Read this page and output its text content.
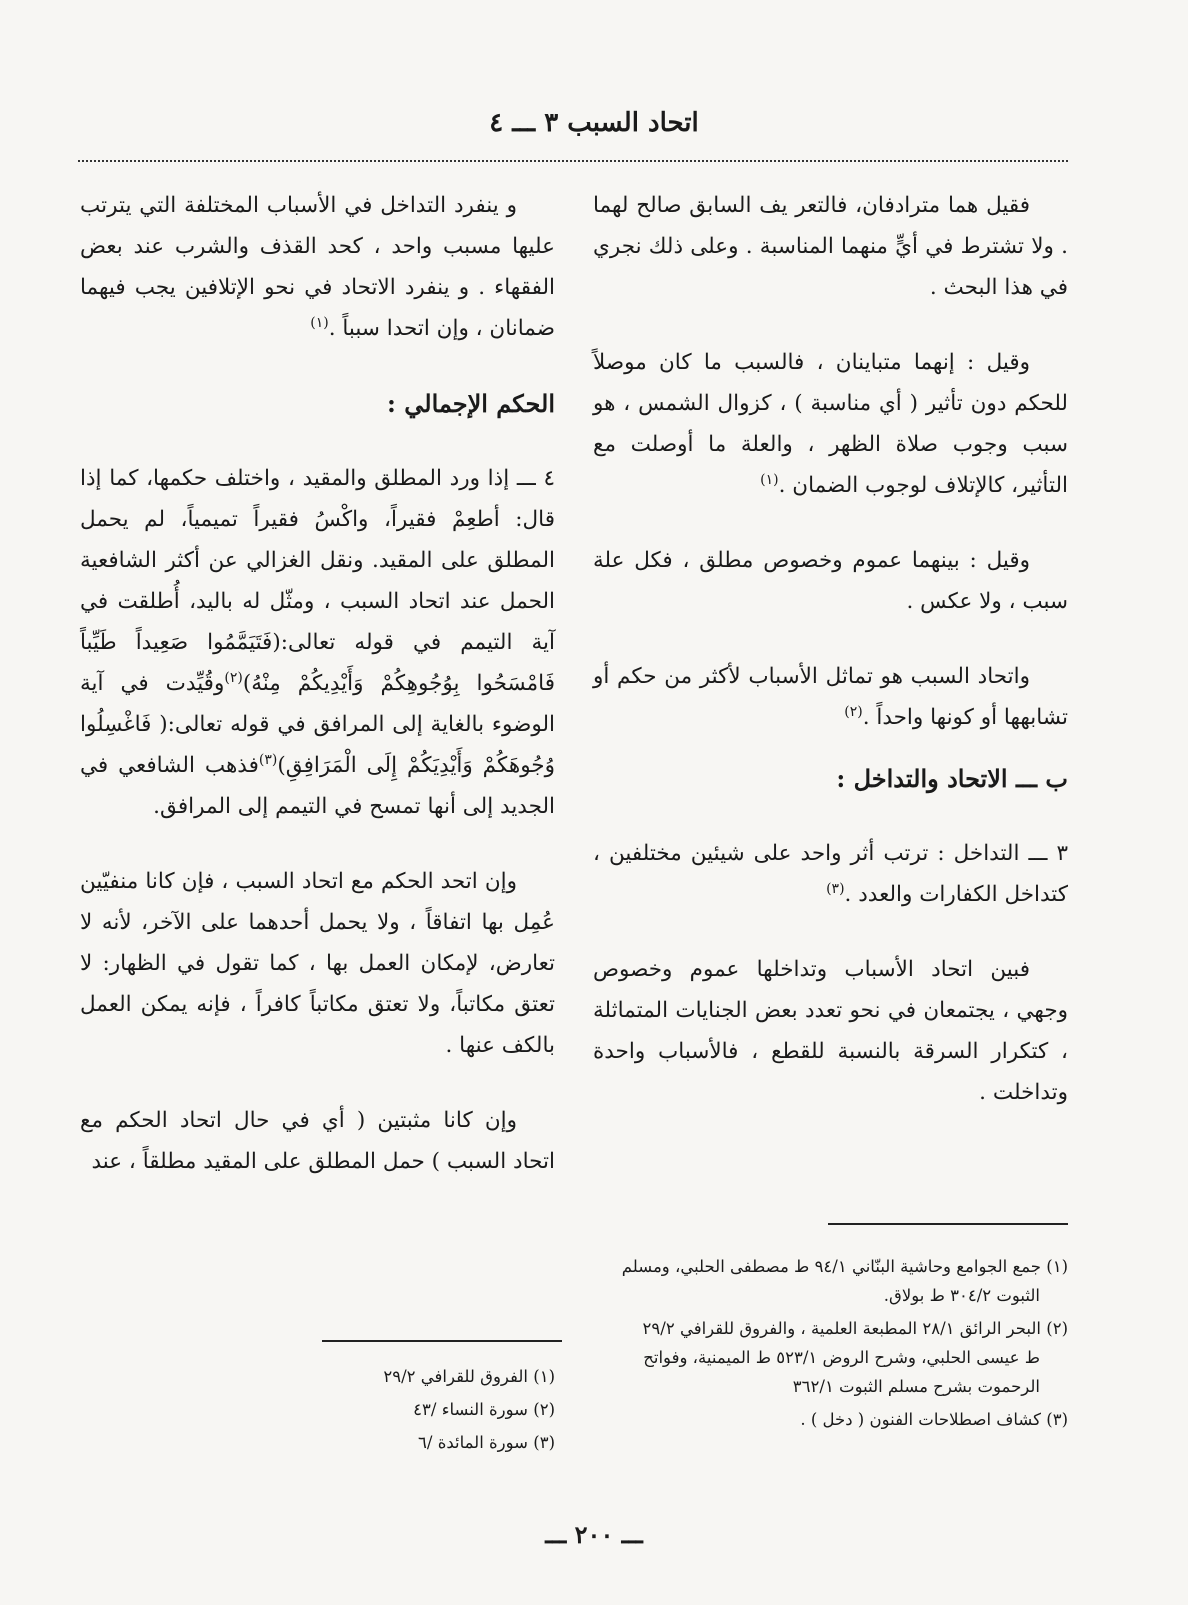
اتحاد السبب ٣ ـــ ٤

فقيل هما مترادفان، فالتعر يف السابق صالح لهما . ولا تشترط في أيٍّ منهما المناسبة . وعلى ذلك نجري في هذا البحث .

وقيل : إنهما متباينان ، فالسبب ما كان موصلاً للحكم دون تأثير ( أي مناسبة ) ، كزوال الشمس ، هو سبب وجوب صلاة الظهر ، والعلة ما أوصلت مع التأثير، كالإتلاف لوجوب الضمان .$^{(١)}$

وقيل : بينهما عموم وخصوص مطلق ، فكل علة سبب ، ولا عكس .

واتحاد السبب هو تماثل الأسباب لأكثر من حكم أو تشابهها أو كونها واحداً .$^{(٢)}$

ب ـــ الاتحاد والتداخل :

٣ ـــ التداخل : ترتب أثر واحد على شيئين مختلفين ، كتداخل الكفارات والعدد .$^{(٣)}$

فبين اتحاد الأسباب وتداخلها عموم وخصوص وجهي ، يجتمعان في نحو تعدد بعض الجنايات المتماثلة ، كتكرار السرقة بالنسبة للقطع ، فالأسباب واحدة وتداخلت .

و ينفرد التداخل في الأسباب المختلفة التي يترتب عليها مسبب واحد ، كحد القذف والشرب عند بعض الفقهاء . و ينفرد الاتحاد في نحو الإتلافين يجب فيهما ضمانان ، وإن اتحدا سبباً .$^{(١)}$

الحكم الإجمالي :

٤ ـــ إذا ورد المطلق والمقيد ، واختلف حكمها، كما إذا قال: أطعِمْ فقيراً، واكْسُ فقيراً تميمياً، لم يحمل المطلق على المقيد. ونقل الغزالي عن أكثر الشافعية الحمل عند اتحاد السبب ، ومثّل له باليد، أُطلقت في آية التيمم في قوله تعالى:(فَتَيَمَّمُوا صَعِيداً طَيِّباً فَامْسَحُوا بِوُجُوهِكُمْ وَأَيْدِيكُمْ مِنْهُ)$^{(٢)}$وقُيِّدت في آية الوضوء بالغاية إلى المرافق في قوله تعالى:( فَاغْسِلُوا وُجُوهَكُمْ وَأَيْدِيَكُمْ إِلَى الْمَرَافِقِ)$^{(٣)}$فذهب الشافعي في الجديد إلى أنها تمسح في التيمم إلى المرافق.

وإن اتحد الحكم مع اتحاد السبب ، فإن كانا منفيّين عُمِل بها اتفاقاً ، ولا يحمل أحدهما على الآخر، لأنه لا تعارض، لإمكان العمل بها ، كما تقول في الظهار: لا تعتق مكاتباً، ولا تعتق مكاتباً كافراً ، فإنه يمكن العمل بالكف عنها .

وإن كانا مثبتين ( أي في حال اتحاد الحكم مع اتحاد السبب ) حمل المطلق على المقيد مطلقاً ، عند

(١) جمع الجوامع وحاشية البنّاني ٩٤/١ ط مصطفى الحلبي، ومسلم
الثبوت ٣٠٤/٢ ط بولاق.
(٢) البحر الرائق ٢٨/١ المطبعة العلمية ، والفروق للقرافي ٢٩/٢
ط عيسى الحلبي، وشرح الروض ٥٢٣/١ ط الميمنية، وفواتح الرحموت بشرح مسلم الثبوت ٣٦٢/١
(٣) كشاف اصطلاحات الفنون ( دخل ) .
(١) الفروق للقرافي ٢٩/٢
(٢) سورة النساء /٤٣
(٣) سورة المائدة /٦
ـــ ٢٠٠ ـــ
